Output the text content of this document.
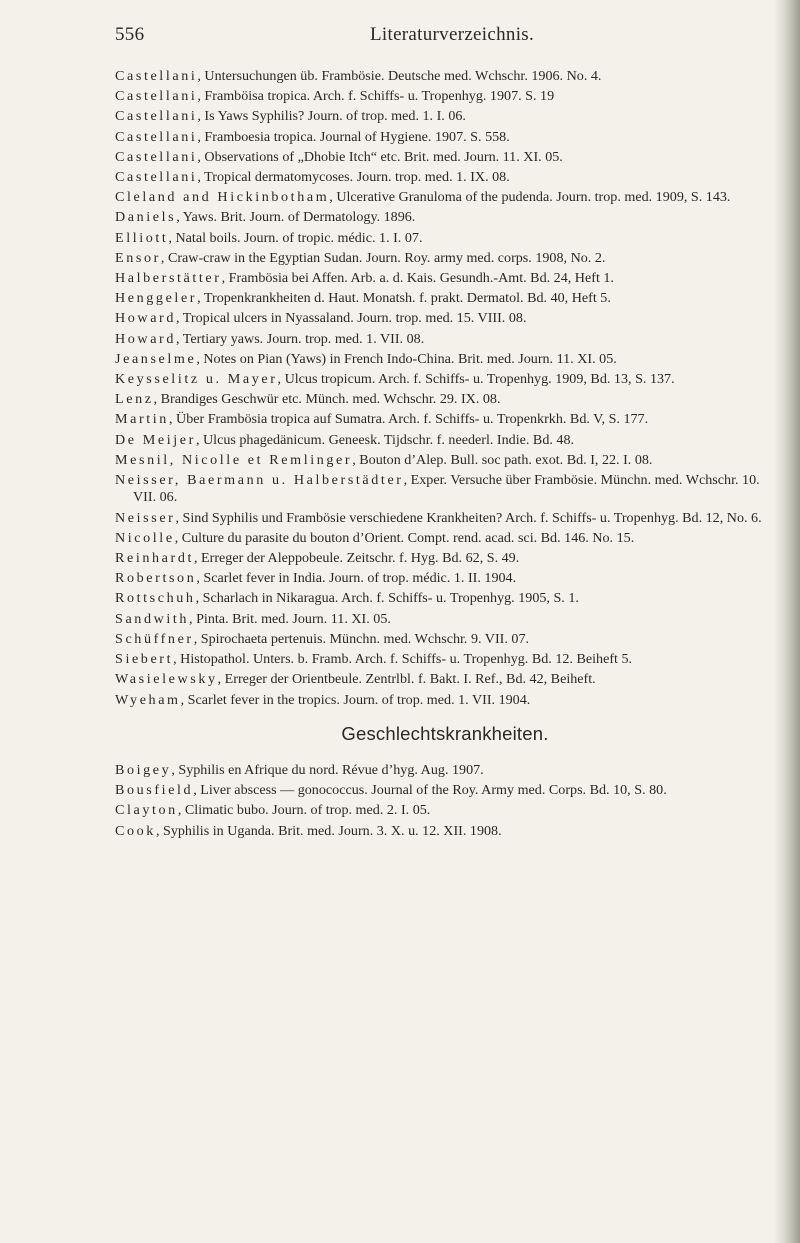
556	Literaturverzeichnis.
Castellani, Untersuchungen üb. Frambösie. Deutsche med. Wchschr. 1906. No. 4.
Castellani, Framböisa tropica. Arch. f. Schiffs- u. Tropenhyg. 1907. S. 19
Castellani, Is Yaws Syphilis? Journ. of trop. med. 1. I. 06.
Castellani, Framboesia tropica. Journal of Hygiene. 1907. S. 558.
Castellani, Observations of „Dhobie Itch“ etc. Brit. med. Journ. 11. XI. 05.
Castellani, Tropical dermatomycoses. Journ. trop. med. 1. IX. 08.
Cleland and Hickinbotham, Ulcerative Granuloma of the pudenda. Journ. trop. med. 1909, S. 143.
Daniels, Yaws. Brit. Journ. of Dermatology. 1896.
Elliott, Natal boils. Journ. of tropic. médic. 1. I. 07.
Ensor, Craw-craw in the Egyptian Sudan. Journ. Roy. army med. corps. 1908, No. 2.
Halberstätter, Frambösia bei Affen. Arb. a. d. Kais. Gesundh.-Amt. Bd. 24, Heft 1.
Henggeler, Tropenkrankheiten d. Haut. Monatsh. f. prakt. Dermatol. Bd. 40, Heft 5.
Howard, Tropical ulcers in Nyassaland. Journ. trop. med. 15. VIII. 08.
Howard, Tertiary yaws. Journ. trop. med. 1. VII. 08.
Jeanselme, Notes on Pian (Yaws) in French Indo-China. Brit. med. Journ. 11. XI. 05.
Keysselitz u. Mayer, Ulcus tropicum. Arch. f. Schiffs- u. Tropenhyg. 1909, Bd. 13, S. 137.
Lenz, Brandiges Geschwür etc. Münch. med. Wchschr. 29. IX. 08.
Martin, Über Frambösia tropica auf Sumatra. Arch. f. Schiffs- u. Tropenkrkh. Bd. V, S. 177.
De Meijer, Ulcus phagedänicum. Geneesk. Tijdschr. f. neederl. Indie. Bd. 48.
Mesnil, Nicolle et Remlinger, Bouton d’Alep. Bull. soc path. exot. Bd. I, 22. I. 08.
Neisser, Baermann u. Halberstädter, Exper. Versuche über Frambösie. Münchn. med. Wchschr. 10. VII. 06.
Neisser, Sind Syphilis und Frambösie verschiedene Krankheiten? Arch. f. Schiffs- u. Tropenhyg. Bd. 12, No. 6.
Nicolle, Culture du parasite du bouton d’Orient. Compt. rend. acad. sci. Bd. 146. No. 15.
Reinhardt, Erreger der Aleppobeule. Zeitschr. f. Hyg. Bd. 62, S. 49.
Robertson, Scarlet fever in India. Journ. of trop. médic. 1. II. 1904.
Rottschuh, Scharlach in Nikaragua. Arch. f. Schiffs- u. Tropenhyg. 1905, S. 1.
Sandwith, Pinta. Brit. med. Journ. 11. XI. 05.
Schüffner, Spirochaeta pertenuis. Münchn. med. Wchschr. 9. VII. 07.
Siebert, Histopathol. Unters. b. Framb. Arch. f. Schiffs- u. Tropenhyg. Bd. 12. Beiheft 5.
Wasielewsky, Erreger der Orientbeule. Zentrlbl. f. Bakt. I. Ref., Bd. 42, Beiheft.
Wyeham, Scarlet fever in the tropics. Journ. of trop. med. 1. VII. 1904.
Geschlechtskrankheiten.
Boigey, Syphilis en Afrique du nord. Révue d’hyg. Aug. 1907.
Bousfield, Liver abscess — gonococcus. Journal of the Roy. Army med. Corps. Bd. 10, S. 80.
Clayton, Climatic bubo. Journ. of trop. med. 2. I. 05.
Cook, Syphilis in Uganda. Brit. med. Journ. 3. X. u. 12. XII. 1908.
